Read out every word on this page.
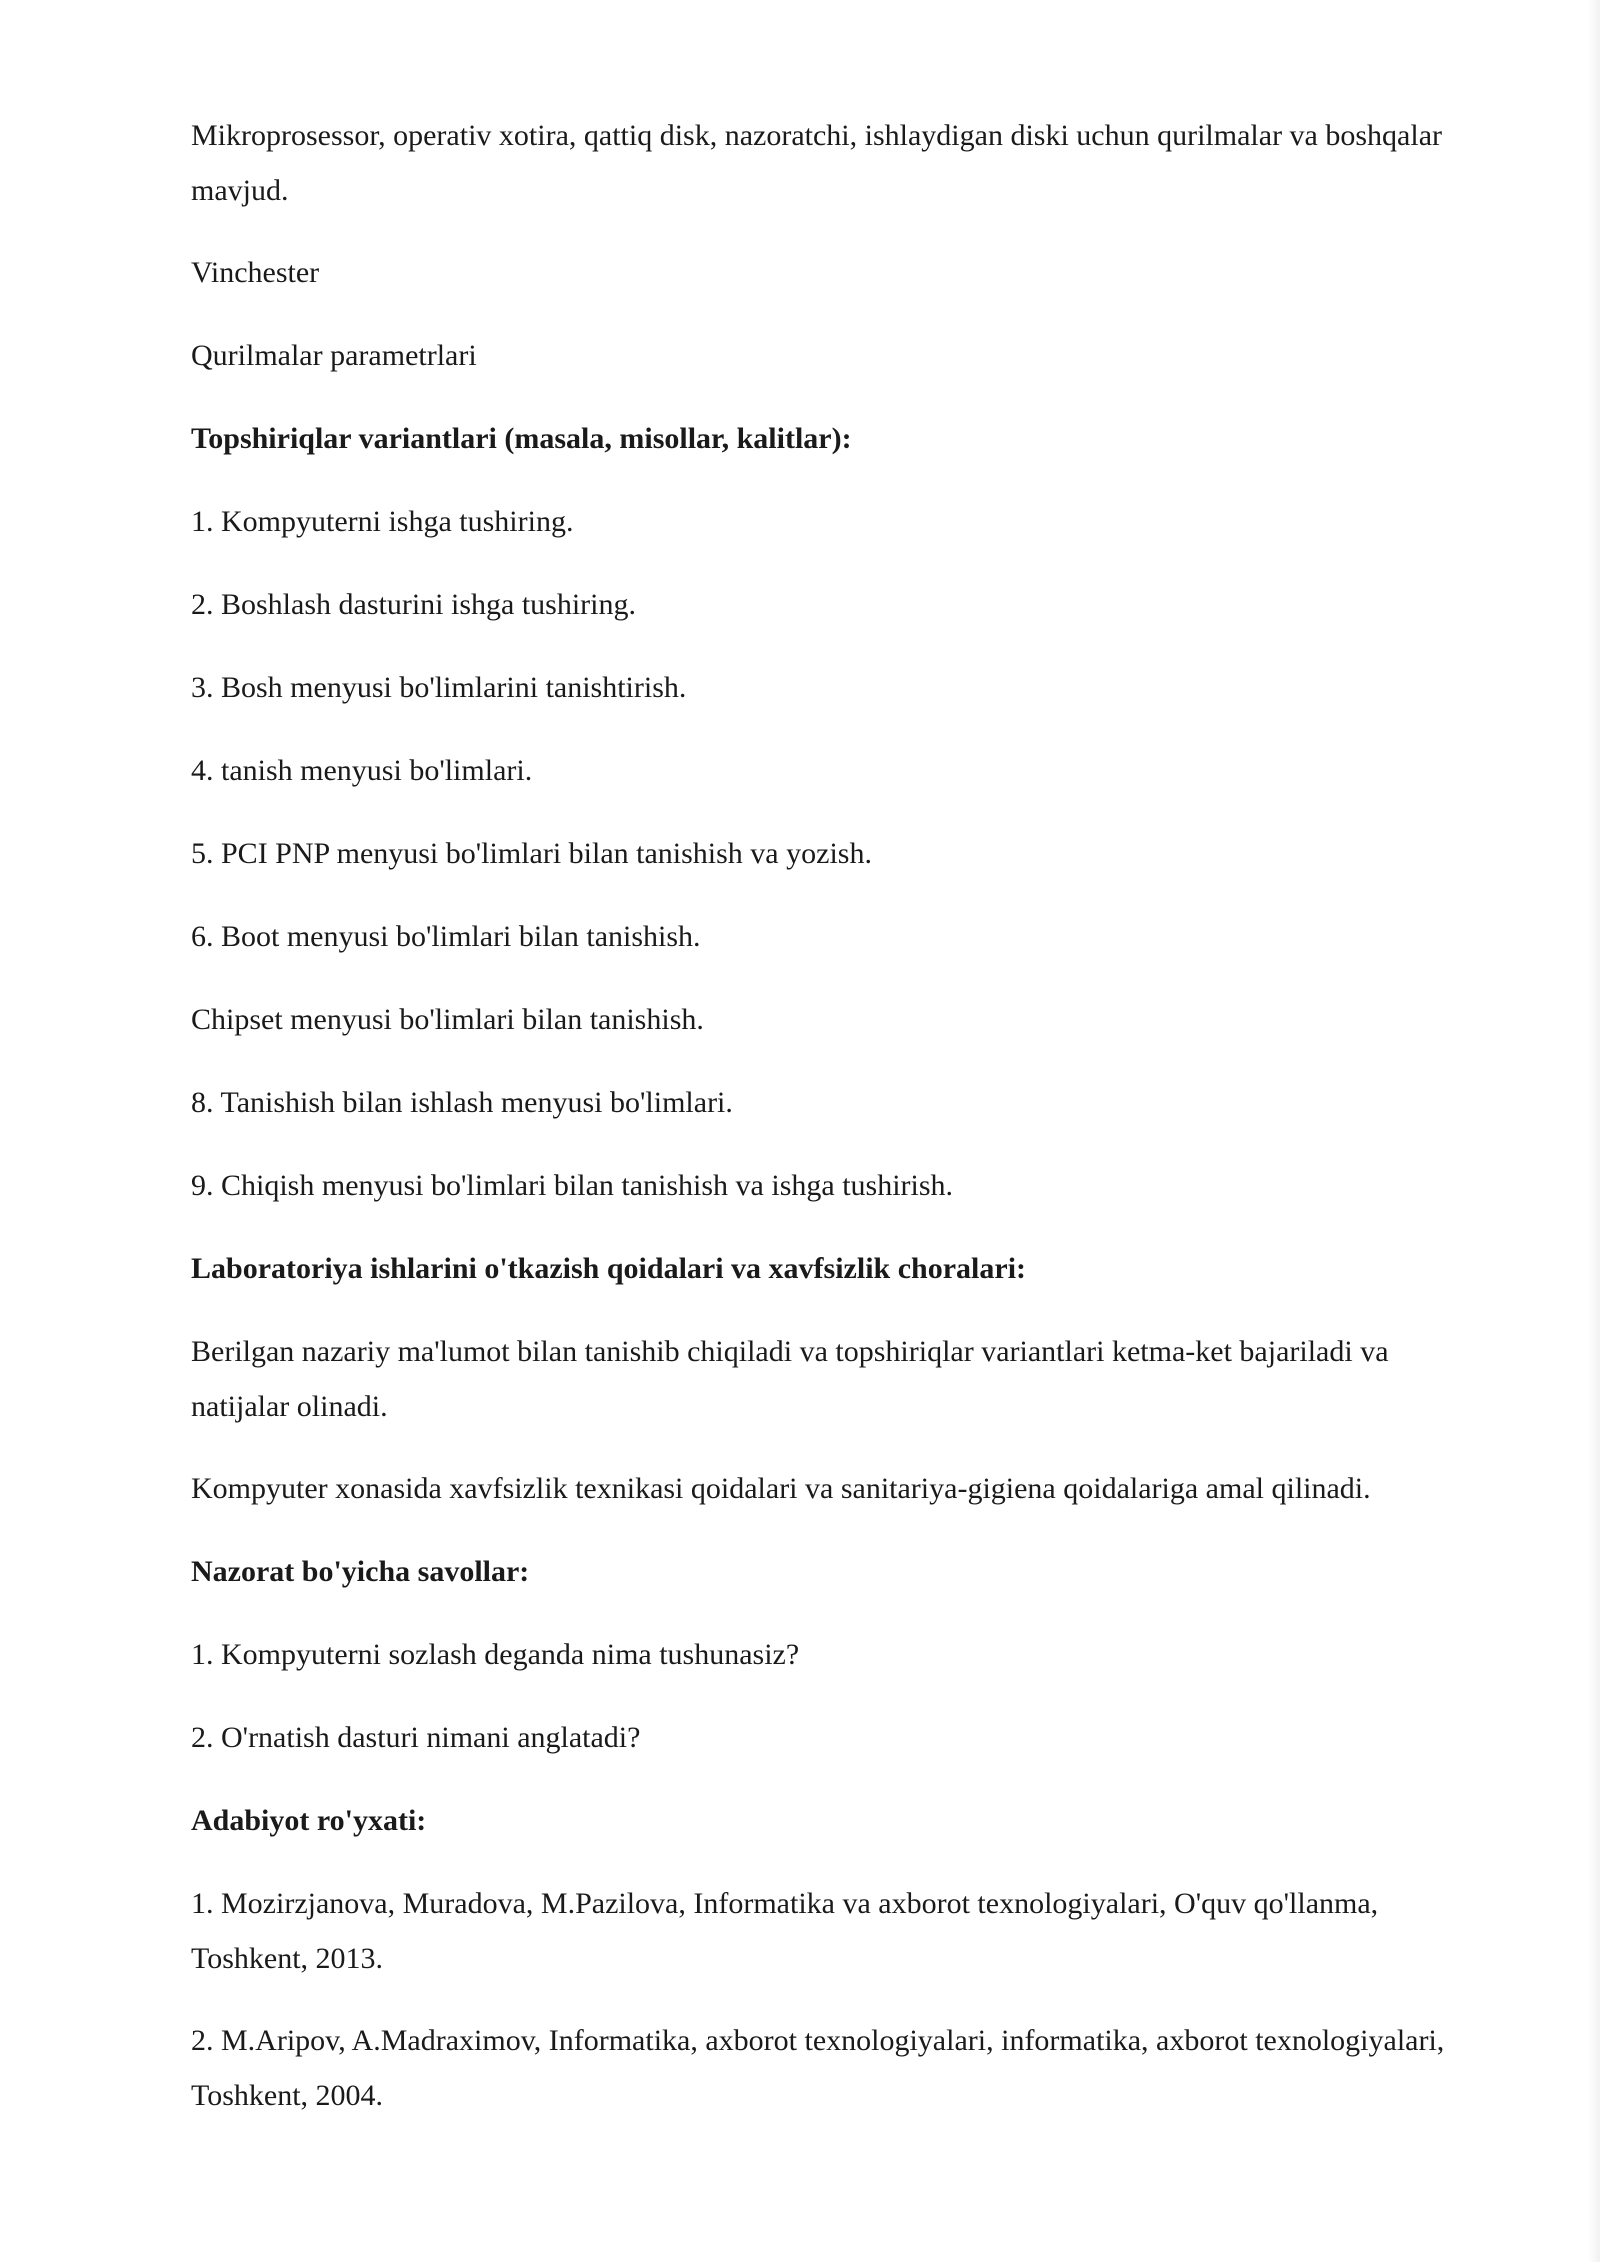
Mikroprosessor, operativ xotira, qattiq disk, nazoratchi, ishlaydigan diski uchun qurilmalar va boshqalar mavjud.

Vinchester

Qurilmalar parametrlari

Topshiriqlar variantlari (masala, misollar, kalitlar):

1. Kompyuterni ishga tushiring.

2. Boshlash dasturini ishga tushiring.

3. Bosh menyusi bo'limlarini tanishtirish.

4. tanish menyusi bo'limlari.

5. PCI PNP menyusi bo'limlari bilan tanishish va yozish.

6. Boot menyusi bo'limlari bilan tanishish.

Chipset menyusi bo'limlari bilan tanishish.

8. Tanishish bilan ishlash menyusi bo'limlari.

9. Chiqish menyusi bo'limlari bilan tanishish va ishga tushirish.

Laboratoriya ishlarini o'tkazish qoidalari va xavfsizlik choralari:

Berilgan nazariy ma'lumot bilan tanishib chiqiladi va topshiriqlar variantlari ketma-ket bajariladi va natijalar olinadi.

Kompyuter xonasida xavfsizlik texnikasi qoidalari va sanitariya-gigiena qoidalariga amal qilinadi.

Nazorat bo'yicha savollar:

1. Kompyuterni sozlash deganda nima tushunasiz?

2. O'rnatish dasturi nimani anglatadi?

Adabiyot ro'yxati:

1. Mozirzjanova, Muradova, M.Pazilova, Informatika va axborot texnologiyalari, O'quv qo'llanma, Toshkent, 2013.

2. M.Aripov, A.Madraximov, Informatika, axborot texnologiyalari, informatika, axborot texnologiyalari, Toshkent, 2004.
